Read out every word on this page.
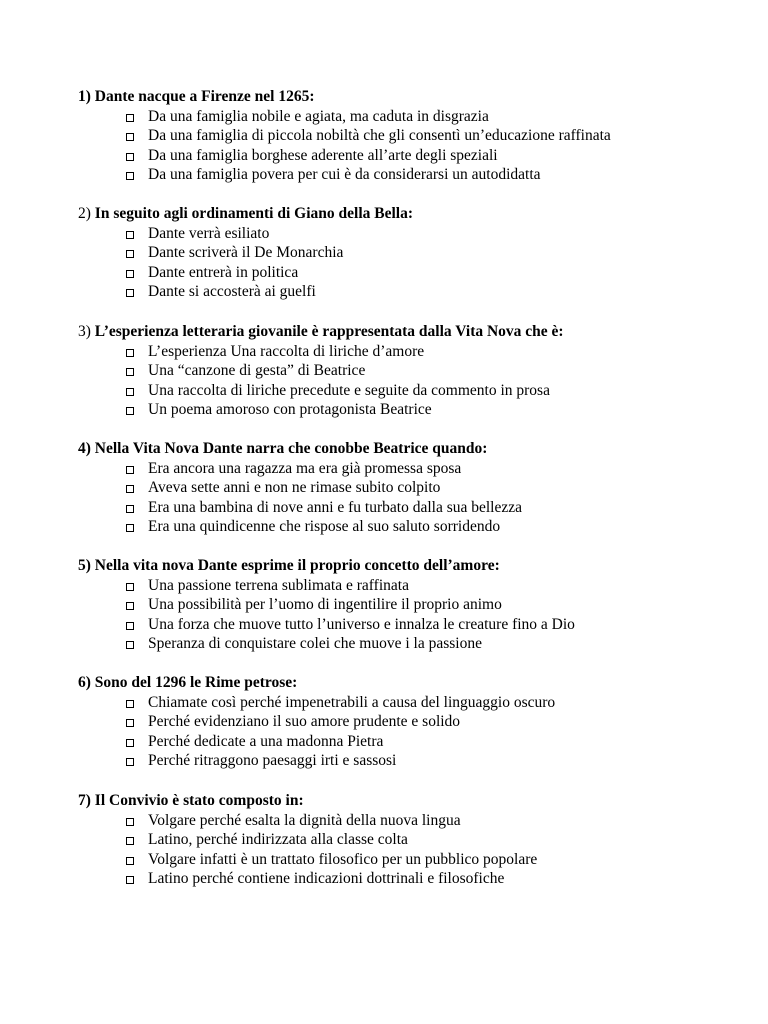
1) Dante nacque a Firenze nel 1265:
Da una famiglia nobile e agiata, ma caduta in disgrazia
Da una famiglia di piccola nobiltà che gli consentì un’educazione raffinata
Da una famiglia borghese aderente all’arte degli speziali
Da una famiglia povera per cui è da considerarsi un autodidatta
2) In seguito agli ordinamenti di Giano della Bella:
Dante verrà esiliato
Dante scriverà il De Monarchia
Dante entrerà in politica
Dante si accosterà ai guelfi
3) L’esperienza letteraria giovanile è rappresentata dalla Vita Nova che è:
L’esperienza Una raccolta di liriche d’amore
Una “canzone di gesta” di Beatrice
Una raccolta di liriche precedute e seguite da commento in prosa
Un poema amoroso con protagonista Beatrice
4) Nella Vita Nova Dante narra che conobbe Beatrice quando:
Era ancora una ragazza ma era già promessa sposa
Aveva sette anni e non ne rimase subito colpito
Era una bambina di nove anni e fu turbato dalla sua bellezza
Era una quindicenne che rispose al suo saluto sorridendo
5) Nella vita nova Dante esprime il proprio concetto dell’amore:
Una passione terrena sublimata e raffinata
Una possibilità per l’uomo di ingentilire il proprio animo
Una forza che muove tutto l’universo e innalza le creature fino a Dio
Speranza di conquistare colei che muove i la passione
6) Sono del 1296 le Rime petrose:
Chiamate così perché impenetrabili a causa del linguaggio oscuro
Perché evidenziano il suo amore prudente e solido
Perché dedicate a una madonna Pietra
Perché ritraggono paesaggi irti e sassosi
7) Il Convivio è stato composto in:
Volgare perché esalta la dignità della nuova lingua
Latino, perché indirizzata alla classe colta
Volgare infatti è un trattato filosofico per un pubblico popolare
Latino perché contiene indicazioni dottrinali e filosofiche
